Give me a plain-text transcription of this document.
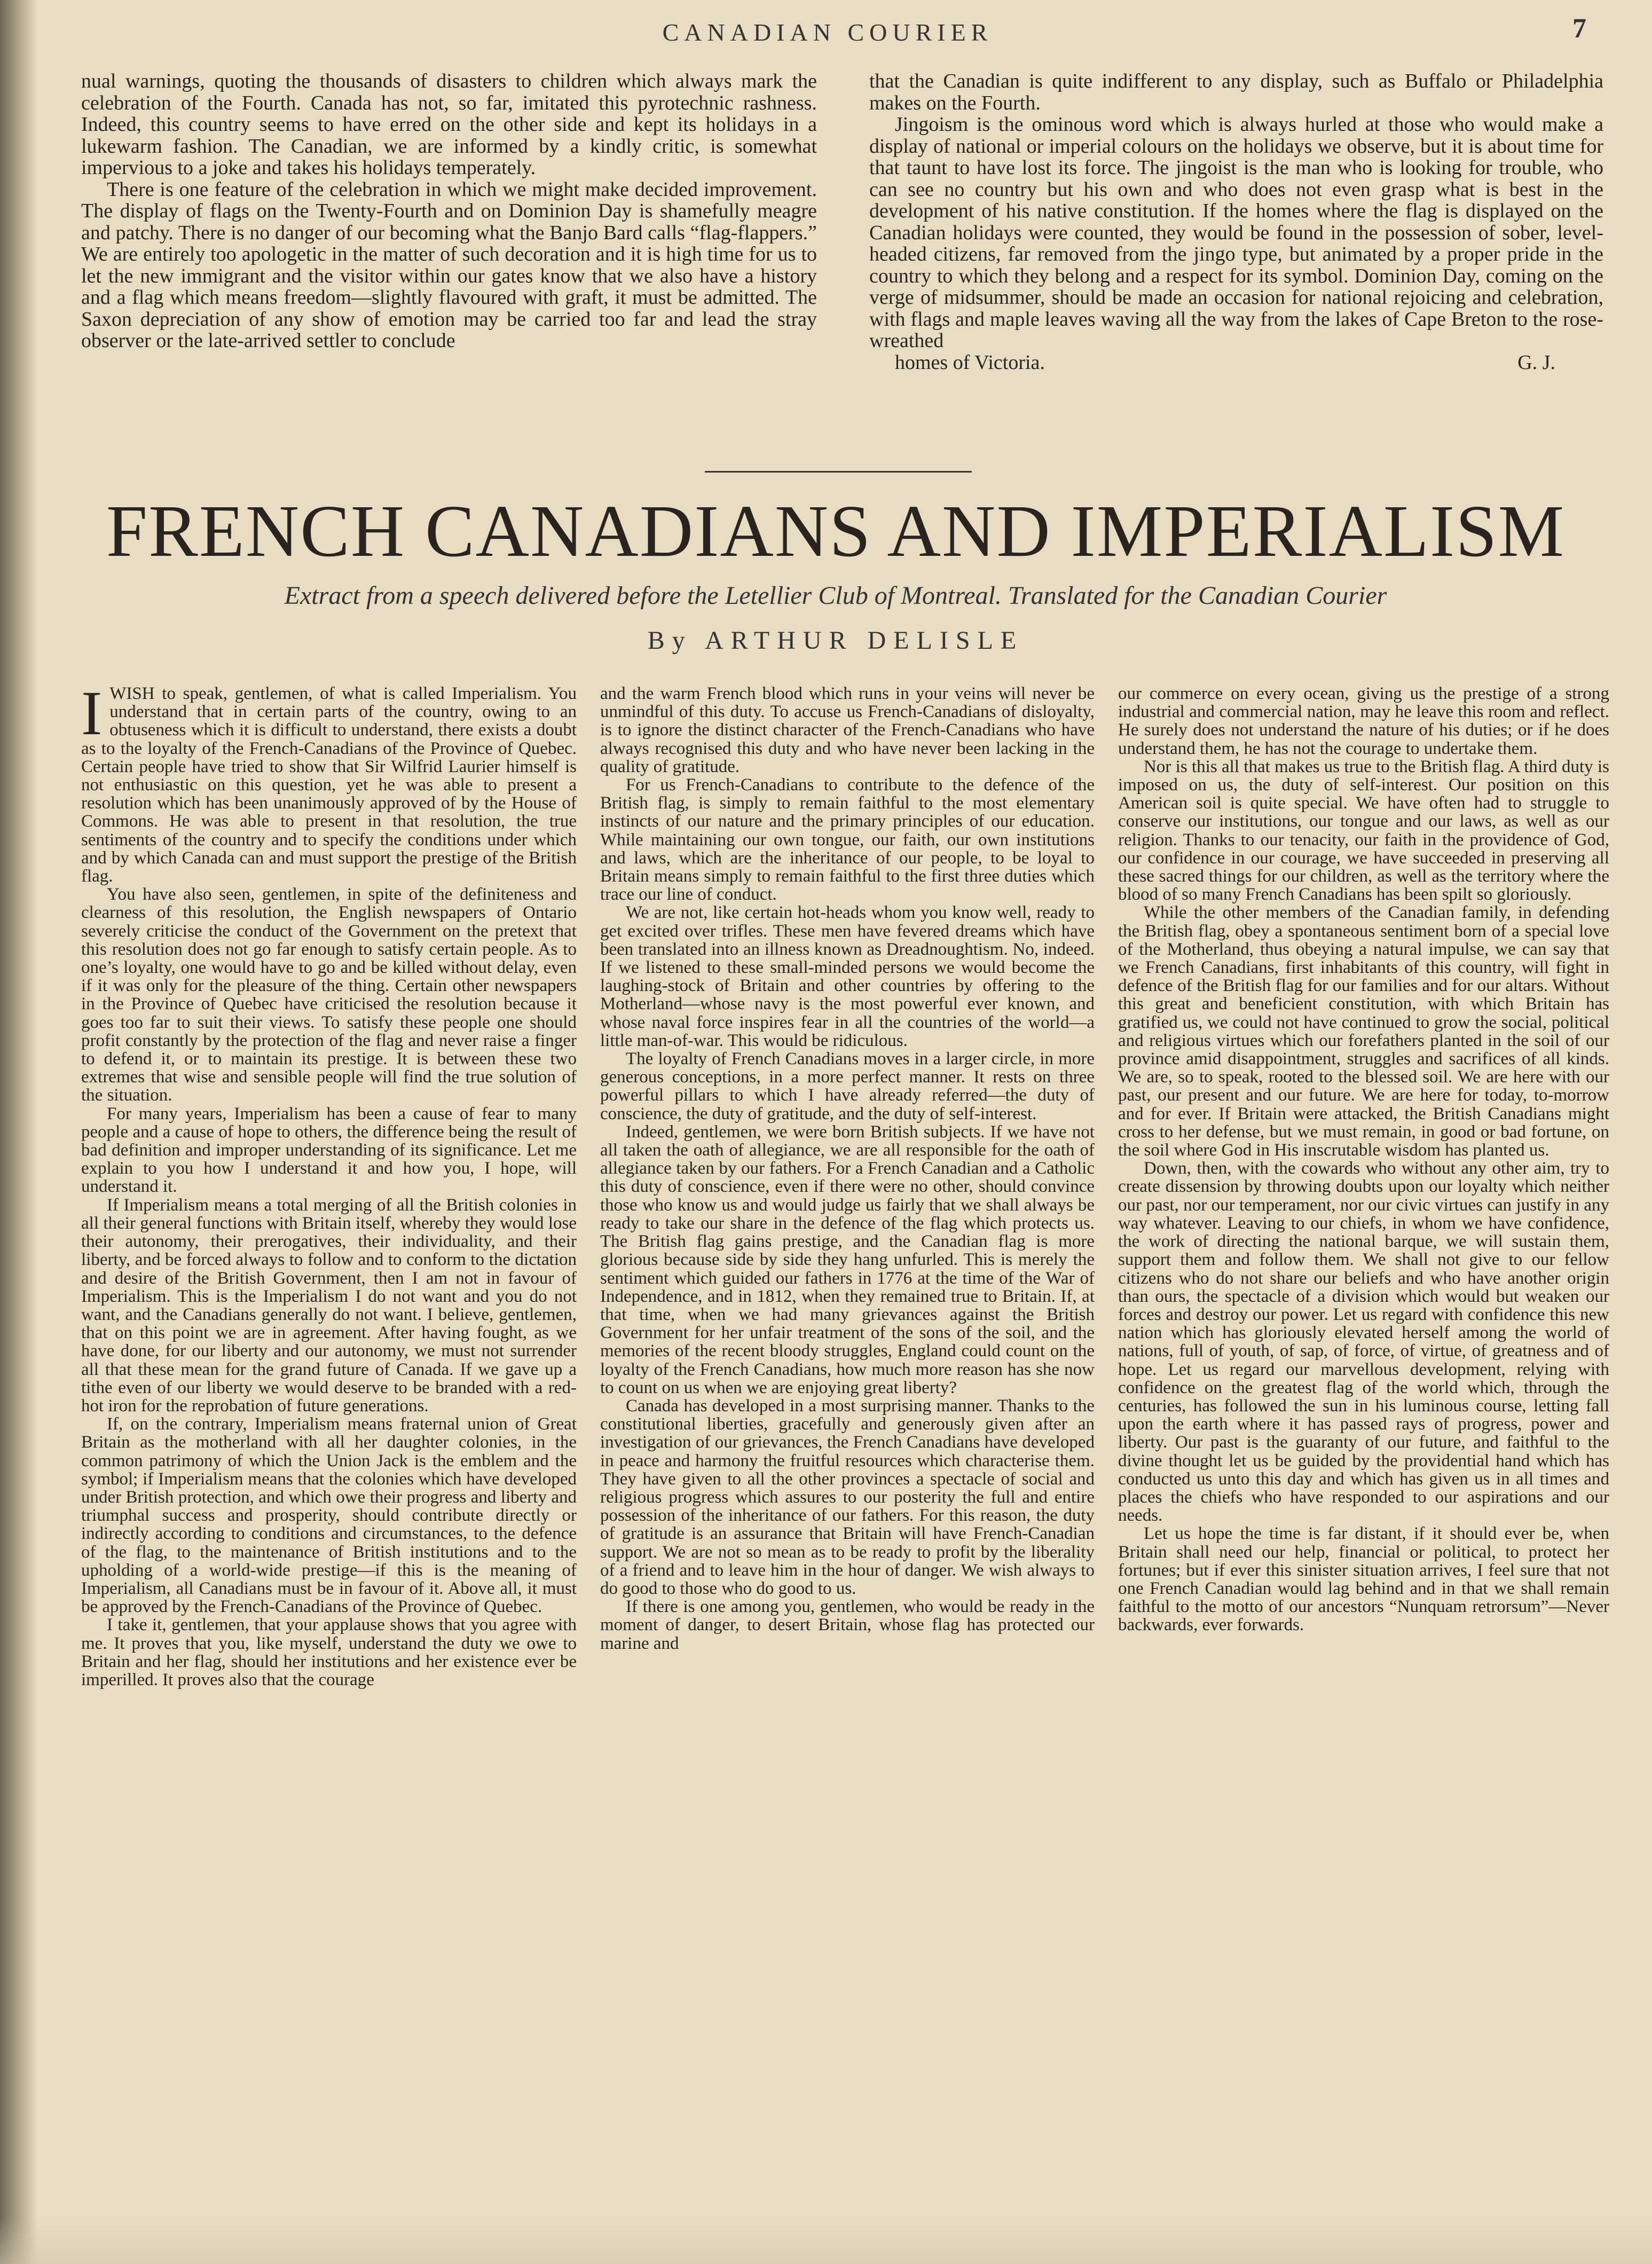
CANADIAN COURIER	7

nual warnings, quoting the thousands of disasters to children which always mark the celebration of the Fourth. Canada has not, so far, imitated this pyrotechnic rashness. Indeed, this country seems to have erred on the other side and kept its holidays in a lukewarm fashion. The Canadian, we are informed by a kindly critic, is somewhat impervious to a joke and takes his holidays temperately.

There is one feature of the celebration in which we might make decided improvement. The display of flags on the Twenty-Fourth and on Dominion Day is shamefully meagre and patchy. There is no danger of our becoming what the Banjo Bard calls “flag-flappers.” We are entirely too apologetic in the matter of such decoration and it is high time for us to let the new immigrant and the visitor within our gates know that we also have a history and a flag which means freedom—slightly flavoured with graft, it must be admitted. The Saxon depreciation of any show of emotion may be carried too far and lead the stray observer or the late-arrived settler to conclude

that the Canadian is quite indifferent to any display, such as Buffalo or Philadelphia makes on the Fourth.

Jingoism is the ominous word which is always hurled at those who would make a display of national or imperial colours on the holidays we observe, but it is about time for that taunt to have lost its force. The jingoist is the man who is looking for trouble, who can see no country but his own and who does not even grasp what is best in the development of his native constitution. If the homes where the flag is displayed on the Canadian holidays were counted, they would be found in the possession of sober, level-headed citizens, far removed from the jingo type, but animated by a proper pride in the country to which they belong and a respect for its symbol. Dominion Day, coming on the verge of midsummer, should be made an occasion for national rejoicing and celebration, with flags and maple leaves waving all the way from the lakes of Cape Breton to the rose-wreathed

homes of Victoria.	G. J.

FRENCH CANADIANS AND IMPERIALISM
Extract from a speech delivered before the Letellier Club of Montreal. Translated for the Canadian Courier
By ARTHUR DELISLE

IWISH to speak, gentlemen, of what is called Imperialism. You understand that in certain parts of the country, owing to an obtuseness which it is difficult to understand, there exists a doubt as to the loyalty of the French-Canadians of the Province of Quebec. Certain people have tried to show that Sir Wilfrid Laurier himself is not enthusiastic on this question, yet he was able to present a resolution which has been unanimously approved of by the House of Commons. He was able to present in that resolution, the true sentiments of the country and to specify the conditions under which and by which Canada can and must support the prestige of the British flag.

You have also seen, gentlemen, in spite of the definiteness and clearness of this resolution, the English newspapers of Ontario severely criticise the conduct of the Government on the pretext that this resolution does not go far enough to satisfy certain people. As to one’s loyalty, one would have to go and be killed without delay, even if it was only for the pleasure of the thing. Certain other newspapers in the Province of Quebec have criticised the resolution because it goes too far to suit their views. To satisfy these people one should profit constantly by the protection of the flag and never raise a finger to defend it, or to maintain its prestige. It is between these two extremes that wise and sensible people will find the true solution of the situation.

For many years, Imperialism has been a cause of fear to many people and a cause of hope to others, the difference being the result of bad definition and improper understanding of its significance. Let me explain to you how I understand it and how you, I hope, will understand it.

If Imperialism means a total merging of all the British colonies in all their general functions with Britain itself, whereby they would lose their autonomy, their prerogatives, their individuality, and their liberty, and be forced always to follow and to conform to the dictation and desire of the British Government, then I am not in favour of Imperialism. This is the Imperialism I do not want and you do not want, and the Canadians generally do not want. I believe, gentlemen, that on this point we are in agreement. After having fought, as we have done, for our liberty and our autonomy, we must not surrender all that these mean for the grand future of Canada. If we gave up a tithe even of our liberty we would deserve to be branded with a red-hot iron for the reprobation of future generations.

If, on the contrary, Imperialism means fraternal union of Great Britain as the motherland with all her daughter colonies, in the common patrimony of which the Union Jack is the emblem and the symbol; if Imperialism means that the colonies which have developed under British protection, and which owe their progress and liberty and triumphal success and prosperity, should contribute directly or indirectly according to conditions and circumstances, to the defence of the flag, to the maintenance of British institutions and to the upholding of a world-wide prestige—if this is the meaning of Imperialism, all Canadians must be in favour of it. Above all, it must be approved by the French-Canadians of the Province of Quebec.

I take it, gentlemen, that your applause shows that you agree with me. It proves that you, like myself, understand the duty we owe to Britain and her flag, should her institutions and her existence ever be imperilled. It proves also that the courage

and the warm French blood which runs in your veins will never be unmindful of this duty. To accuse us French-Canadians of disloyalty, is to ignore the distinct character of the French-Canadians who have always recognised this duty and who have never been lacking in the quality of gratitude.

For us French-Canadians to contribute to the defence of the British flag, is simply to remain faithful to the most elementary instincts of our nature and the primary principles of our education. While maintaining our own tongue, our faith, our own institutions and laws, which are the inheritance of our people, to be loyal to Britain means simply to remain faithful to the first three duties which trace our line of conduct.

We are not, like certain hot-heads whom you know well, ready to get excited over trifles. These men have fevered dreams which have been translated into an illness known as Dreadnoughtism. No, indeed. If we listened to these small-minded persons we would become the laughing-stock of Britain and other countries by offering to the Motherland—whose navy is the most powerful ever known, and whose naval force inspires fear in all the countries of the world—a little man-of-war. This would be ridiculous.

The loyalty of French Canadians moves in a larger circle, in more generous conceptions, in a more perfect manner. It rests on three powerful pillars to which I have already referred—the duty of conscience, the duty of gratitude, and the duty of self-interest.

Indeed, gentlemen, we were born British subjects. If we have not all taken the oath of allegiance, we are all responsible for the oath of allegiance taken by our fathers. For a French Canadian and a Catholic this duty of conscience, even if there were no other, should convince those who know us and would judge us fairly that we shall always be ready to take our share in the defence of the flag which protects us. The British flag gains prestige, and the Canadian flag is more glorious because side by side they hang unfurled. This is merely the sentiment which guided our fathers in 1776 at the time of the War of Independence, and in 1812, when they remained true to Britain. If, at that time, when we had many grievances against the British Government for her unfair treatment of the sons of the soil, and the memories of the recent bloody struggles, England could count on the loyalty of the French Canadians, how much more reason has she now to count on us when we are enjoying great liberty?

Canada has developed in a most surprising manner. Thanks to the constitutional liberties, gracefully and generously given after an investigation of our grievances, the French Canadians have developed in peace and harmony the fruitful resources which characterise them. They have given to all the other provinces a spectacle of social and religious progress which assures to our posterity the full and entire possession of the inheritance of our fathers. For this reason, the duty of gratitude is an assurance that Britain will have French-Canadian support. We are not so mean as to be ready to profit by the liberality of a friend and to leave him in the hour of danger. We wish always to do good to those who do good to us.

If there is one among you, gentlemen, who would be ready in the moment of danger, to desert Britain, whose flag has protected our marine and

our commerce on every ocean, giving us the prestige of a strong industrial and commercial nation, may he leave this room and reflect. He surely does not understand the nature of his duties; or if he does understand them, he has not the courage to undertake them.

Nor is this all that makes us true to the British flag. A third duty is imposed on us, the duty of self-interest. Our position on this American soil is quite special. We have often had to struggle to conserve our institutions, our tongue and our laws, as well as our religion. Thanks to our tenacity, our faith in the providence of God, our confidence in our courage, we have succeeded in preserving all these sacred things for our children, as well as the territory where the blood of so many French Canadians has been spilt so gloriously.

While the other members of the Canadian family, in defending the British flag, obey a spontaneous sentiment born of a special love of the Motherland, thus obeying a natural impulse, we can say that we French Canadians, first inhabitants of this country, will fight in defence of the British flag for our families and for our altars. Without this great and beneficient constitution, with which Britain has gratified us, we could not have continued to grow the social, political and religious virtues which our forefathers planted in the soil of our province amid disappointment, struggles and sacrifices of all kinds. We are, so to speak, rooted to the blessed soil. We are here with our past, our present and our future. We are here for today, to-morrow and for ever. If Britain were attacked, the British Canadians might cross to her defense, but we must remain, in good or bad fortune, on the soil where God in His inscrutable wisdom has planted us.

Down, then, with the cowards who without any other aim, try to create dissension by throwing doubts upon our loyalty which neither our past, nor our temperament, nor our civic virtues can justify in any way whatever. Leaving to our chiefs, in whom we have confidence, the work of directing the national barque, we will sustain them, support them and follow them. We shall not give to our fellow citizens who do not share our beliefs and who have another origin than ours, the spectacle of a division which would but weaken our forces and destroy our power. Let us regard with confidence this new nation which has gloriously elevated herself among the world of nations, full of youth, of sap, of force, of virtue, of greatness and of hope. Let us regard our marvellous development, relying with confidence on the greatest flag of the world which, through the centuries, has followed the sun in his luminous course, letting fall upon the earth where it has passed rays of progress, power and liberty. Our past is the guaranty of our future, and faithful to the divine thought let us be guided by the providential hand which has conducted us unto this day and which has given us in all times and places the chiefs who have responded to our aspirations and our needs.

Let us hope the time is far distant, if it should ever be, when Britain shall need our help, financial or political, to protect her fortunes; but if ever this sinister situation arrives, I feel sure that not one French Canadian would lag behind and in that we shall remain faithful to the motto of our ancestors “Nunquam retrorsum”—Never backwards, ever forwards.
